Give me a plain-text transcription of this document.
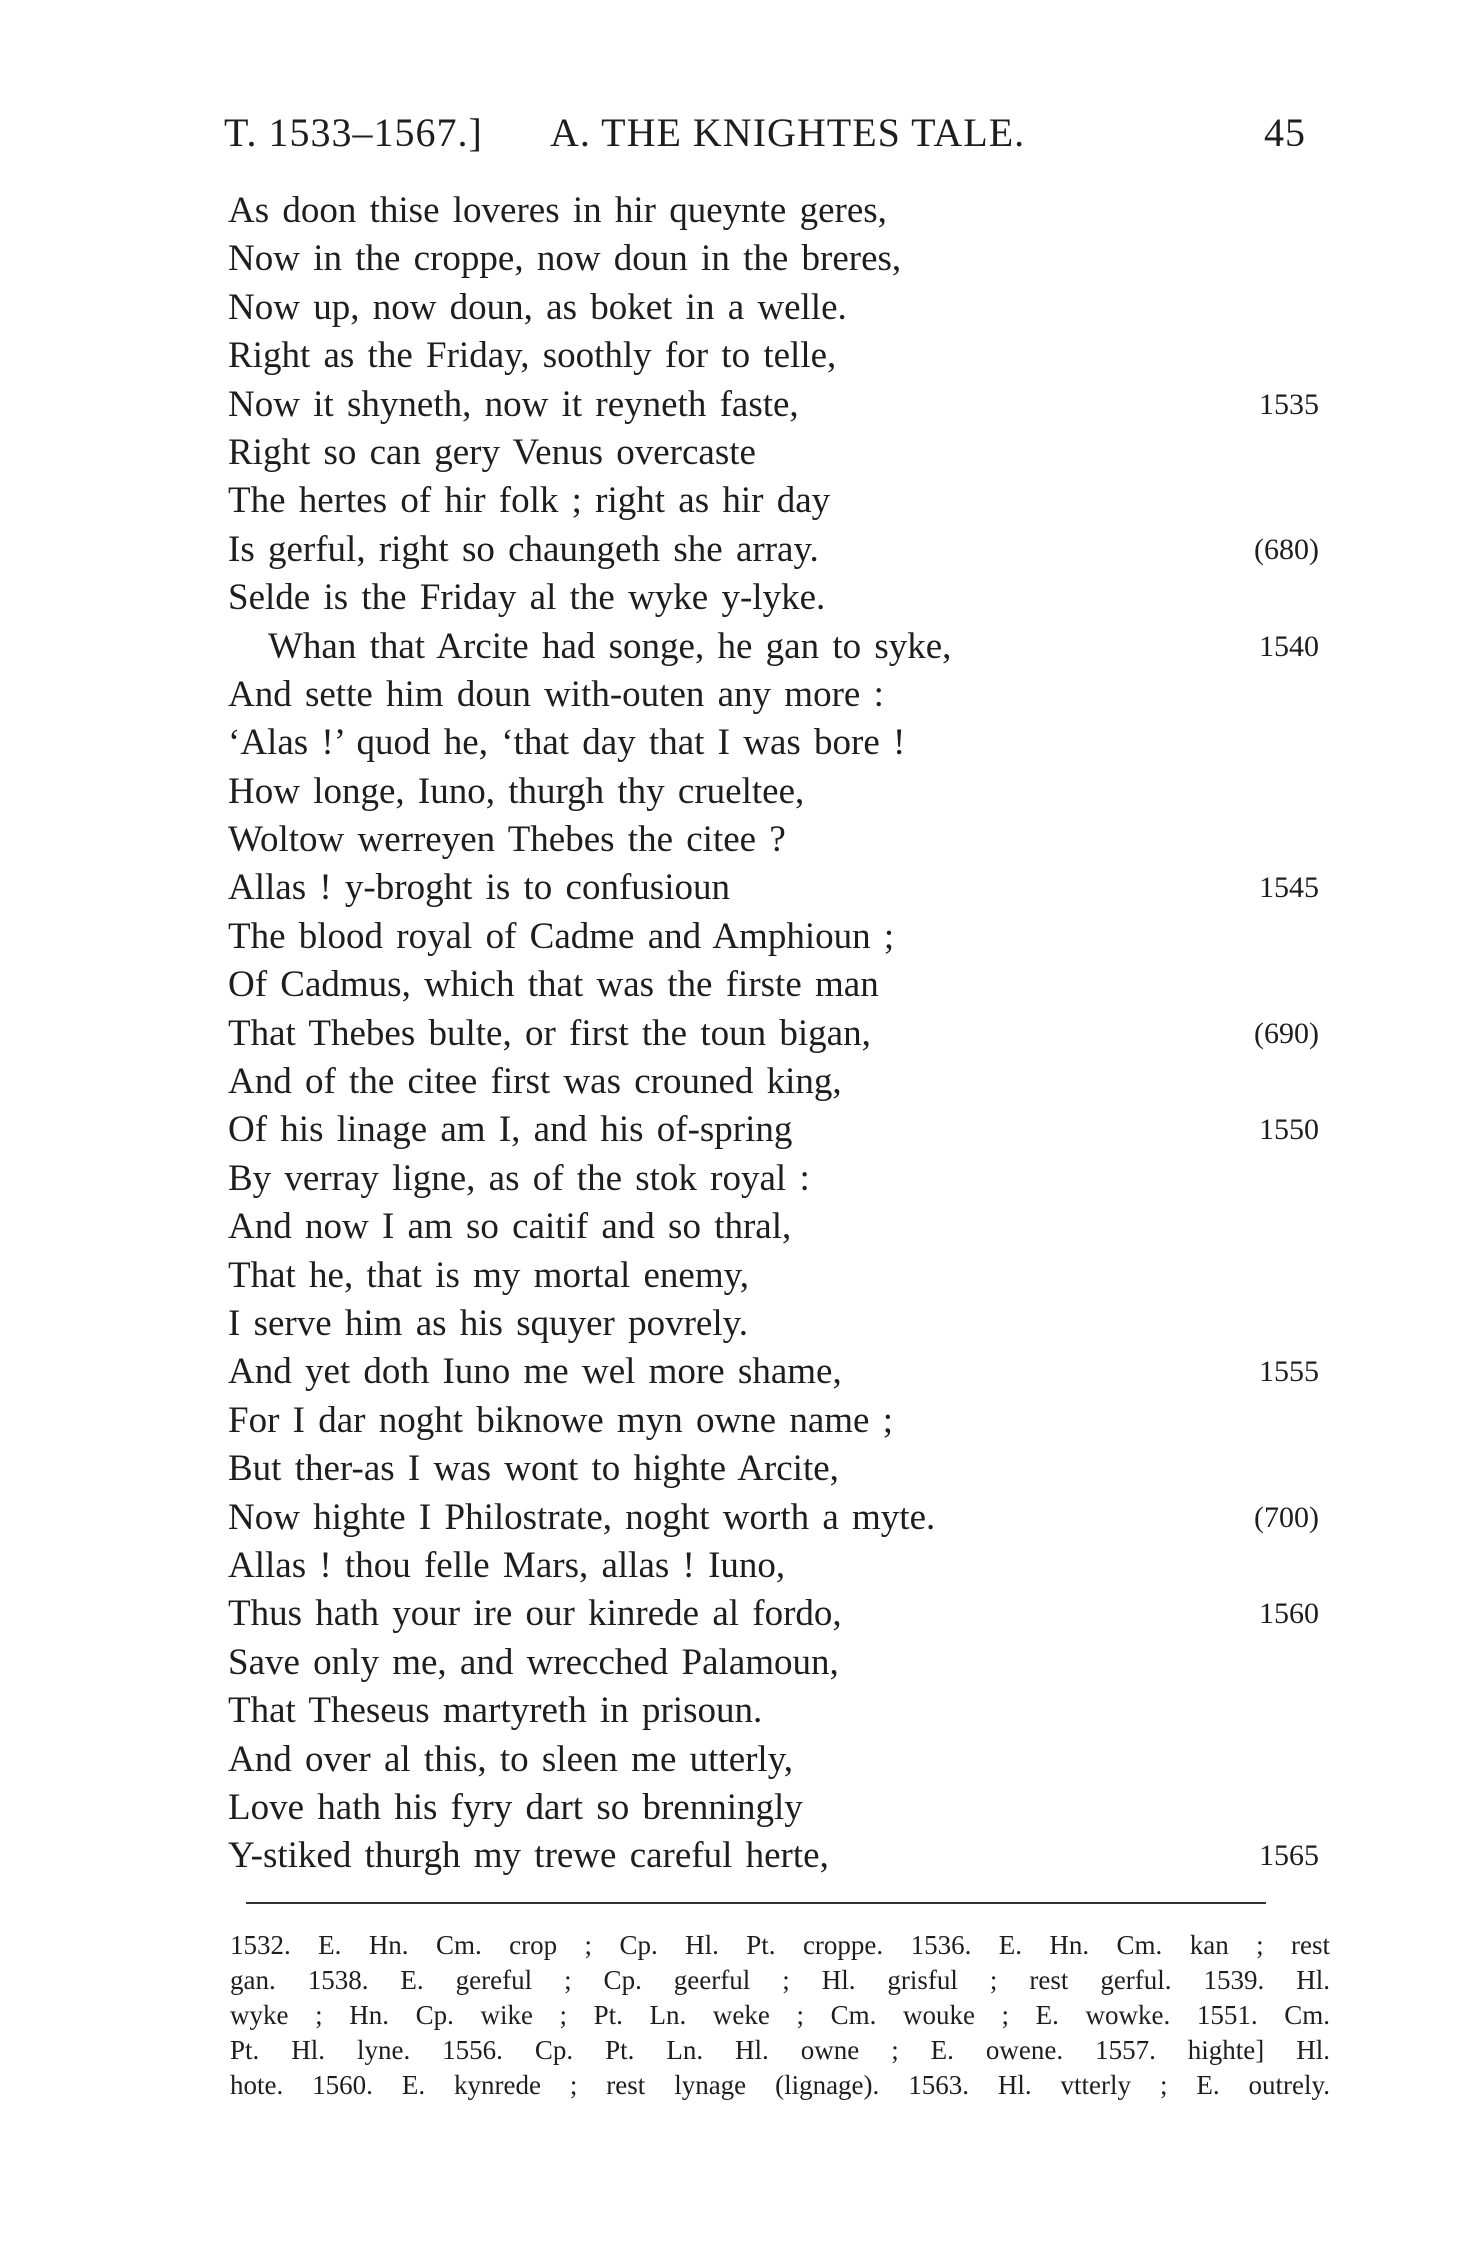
T. 1533–1567.] A. THE KNIGHTES TALE.	45
As doon thise loveres in hir queynte geres,
Now in the croppe, now doun in the breres,
Now up, now doun, as boket in a welle.
Right as the Friday, soothly for to telle,
Now it shyneth, now it reyneth faste,	1535
Right so can gery Venus overcaste
The hertes of hir folk ; right as hir day
Is gerful, right so chaungeth she array.	(680)
Selde is the Friday al the wyke y-lyke.
Whan that Arcite had songe, he gan to syke,	1540
And sette him doun with-outen any more :
‘Alas !’ quod he, ‘that day that I was bore !
How longe, Iuno, thurgh thy crueltee,
Woltow werreyen Thebes the citee ?
Allas ! y-broght is to confusioun	1545
The blood royal of Cadme and Amphioun ;
Of Cadmus, which that was the firste man
That Thebes bulte, or first the toun bigan,	(690)
And of the citee first was crouned king,
Of his linage am I, and his of-spring	1550
By verray ligne, as of the stok royal :
And now I am so caitif and so thral,
That he, that is my mortal enemy,
I serve him as his squyer povrely.
And yet doth Iuno me wel more shame,	1555
For I dar noght biknowe myn owne name ;
But ther-as I was wont to highte Arcite,
Now highte I Philostrate, noght worth a myte.	(700)
Allas ! thou felle Mars, allas ! Iuno,
Thus hath your ire our kinrede al fordo,	1560
Save only me, and wrecched Palamoun,
That Theseus martyreth in prisoun.
And over al this, to sleen me utterly,
Love hath his fyry dart so brenningly
Y-stiked thurgh my trewe careful herte,	1565
1532. E. Hn. Cm. crop ; Cp. Hl. Pt. croppe. 1536. E. Hn. Cm. kan ; rest
gan. 1538. E. gereful ; Cp. geerful ; Hl. grisful ; rest gerful. 1539. Hl.
wyke ; Hn. Cp. wike ; Pt. Ln. weke ; Cm. wouke ; E. wowke. 1551. Cm.
Pt. Hl. lyne. 1556. Cp. Pt. Ln. Hl. owne ; E. owene. 1557. highte] Hl.
hote. 1560. E. kynrede ; rest lynage (lignage). 1563. Hl. vtterly ; E. outrely.
